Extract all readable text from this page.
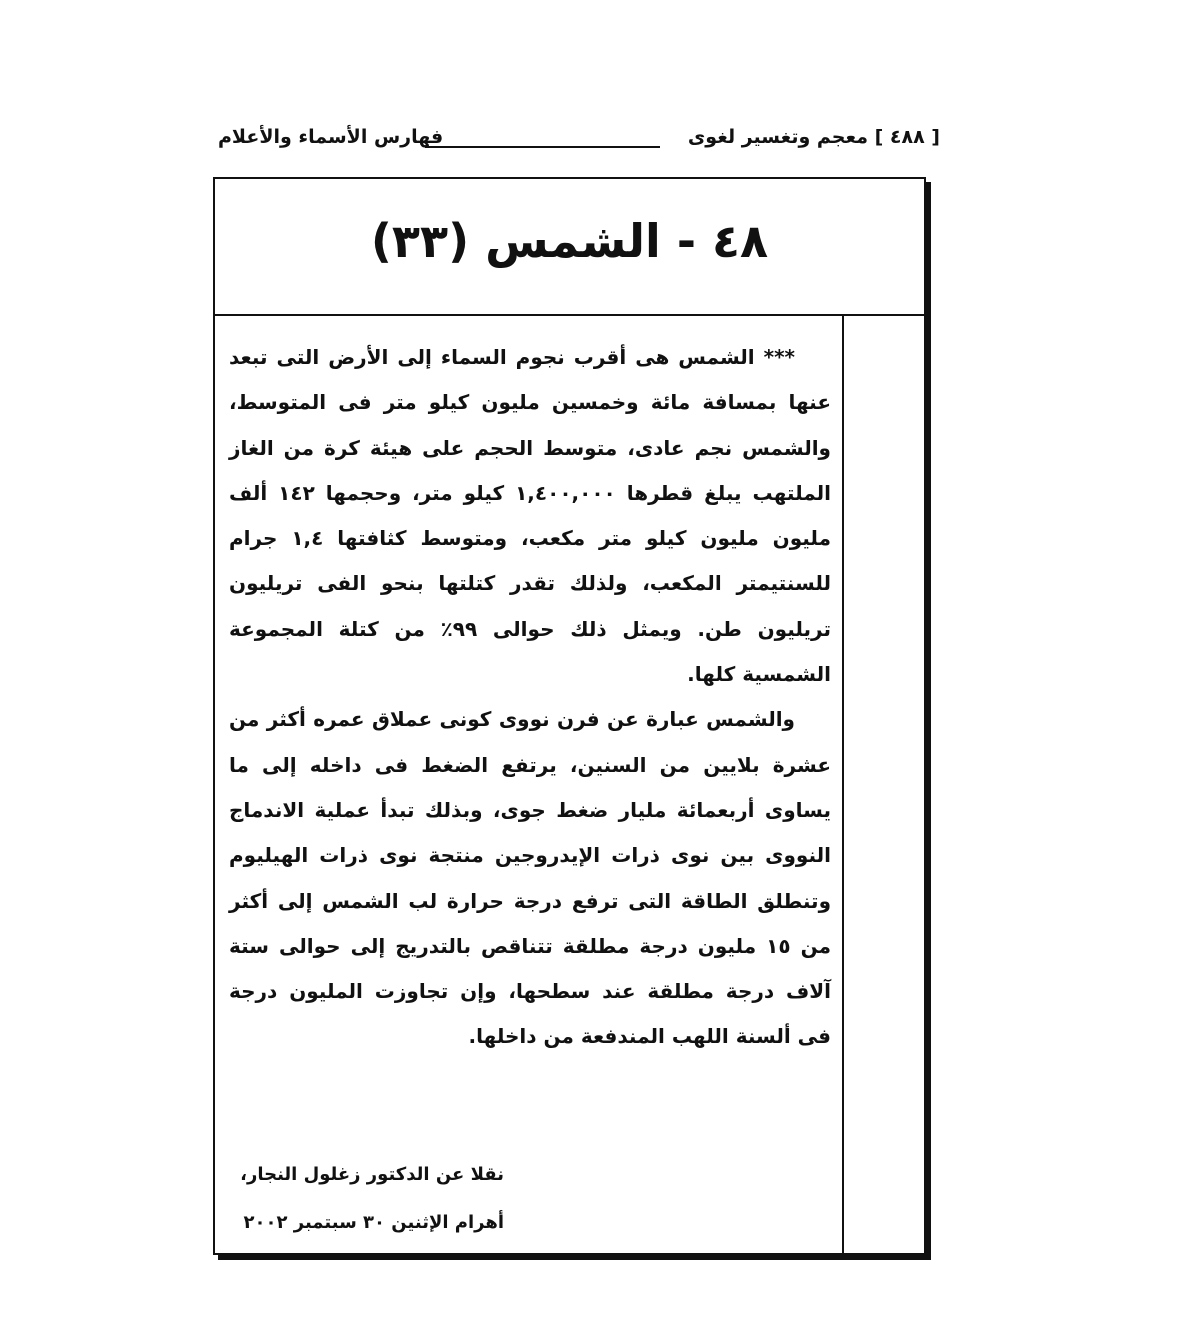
[ ٤٨٨ ] معجم وتغسير لغوى
فهارس الأسماء والأعلام
٤٨ - الشمس (٣٣)

*** الشمس هى أقرب نجوم السماء إلى الأرض التى تبعد عنها بمسافة مائة وخمسين مليون كيلو متر فى المتوسط، والشمس نجم عادى، متوسط الحجم على هيئة كرة من الغاز الملتهب يبلغ قطرها ١,٤٠٠,٠٠٠ كيلو متر، وحجمها ١٤٢ ألف مليون مليون كيلو متر مكعب، ومتوسط كثافتها ١,٤ جرام للسنتيمتر المكعب، ولذلك تقدر كتلتها بنحو الفى تريليون تريليون طن. ويمثل ذلك حوالى ٩٩٪ من كتلة المجموعة الشمسية كلها.

والشمس عبارة عن فرن نووى كونى عملاق عمره أكثر من عشرة بلايين من السنين، يرتفع الضغط فى داخله إلى ما يساوى أربعمائة مليار ضغط جوى، وبذلك تبدأ عملية الاندماج النووى بين نوى ذرات الإيدروجين منتجة نوى ذرات الهيليوم وتنطلق الطاقة التى ترفع درجة حرارة لب الشمس إلى أكثر من ١٥ مليون درجة مطلقة تتناقص بالتدريج إلى حوالى ستة آلاف درجة مطلقة عند سطحها، وإن تجاوزت المليون درجة فى ألسنة اللهب المندفعة من داخلها.

نقلا عن الدكتور زغلول النجار،
أهرام الإثنين ٣٠ سبتمبر ٢٠٠٢
